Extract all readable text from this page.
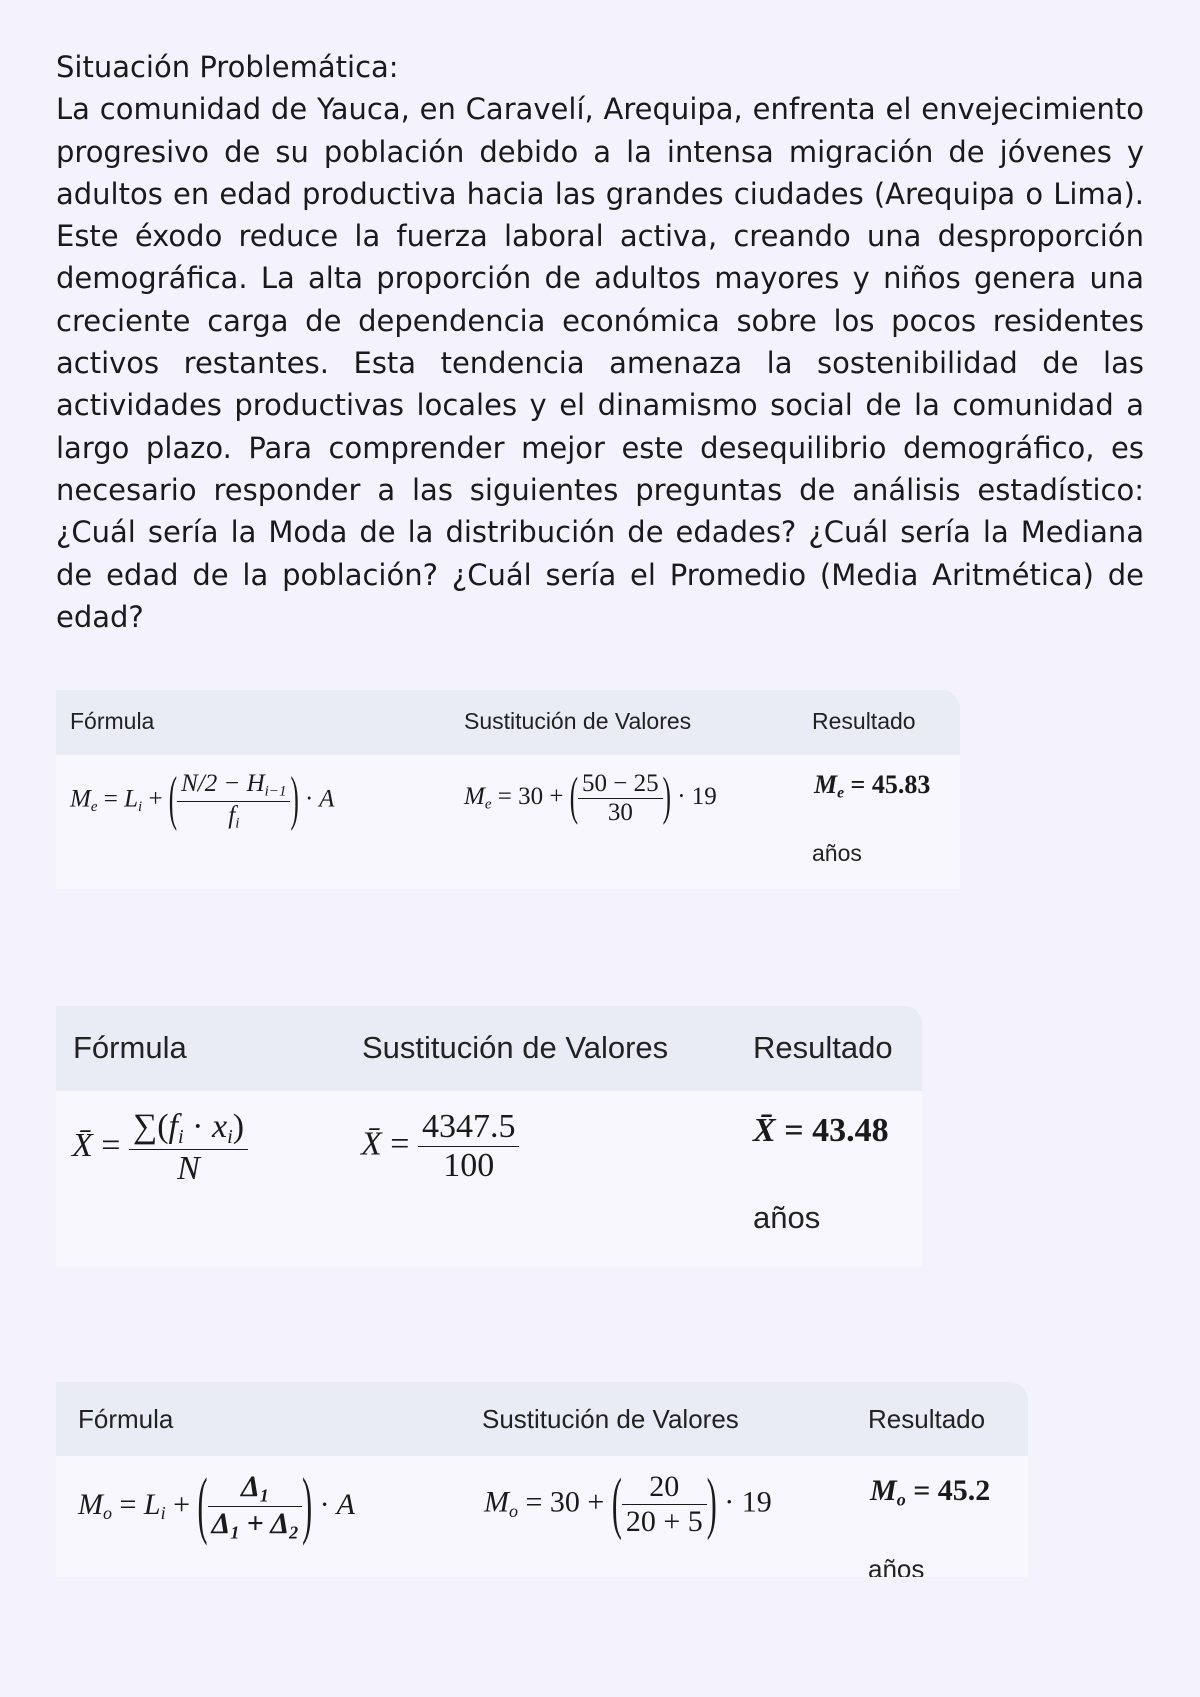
Situación Problemática:
La comunidad de Yauca, en Caravelí, Arequipa, enfrenta el envejecimiento progresivo de su población debido a la intensa migración de jóvenes y adultos en edad productiva hacia las grandes ciudades (Arequipa o Lima). Este éxodo reduce la fuerza laboral activa, creando una desproporción demográfica. La alta proporción de adultos mayores y niños genera una creciente carga de dependencia económica sobre los pocos residentes activos restantes. Esta tendencia amenaza la sostenibilidad de las actividades productivas locales y el dinamismo social de la comunidad a largo plazo. Para comprender mejor este desequilibrio demográfico, es necesario responder a las siguientes preguntas de análisis estadístico: ¿Cuál sería la Moda de la distribución de edades? ¿Cuál sería la Mediana de edad de la población? ¿Cuál sería el Promedio (Media Aritmética) de edad?
Fórmula	Sustitución de Valores	Resultado
$M_e = L_i$ + ( $\frac{N/2 - H_{i-1}}{f_i}$ ) · A	$M_e = 30$ + ( $\frac{50 - 25}{30}$ ) · 19	$M_e = 45.83$
años
Fórmula	Sustitución de Valores	Resultado
X̄ = $\frac{\sum(f_i \cdot x_i)}{N}$	X̄ = $\frac{4347.5}{100}$	X̄ = 43.48
años
Fórmula	Sustitución de Valores	Resultado
$M_o = L_i$ + ( $\frac{\Delta_1}{\Delta_1 + \Delta_2}$ ) · A	$M_o = 30$ + ( $\frac{20}{20 + 5}$ ) · 19	$M_o = 45.2$
años
